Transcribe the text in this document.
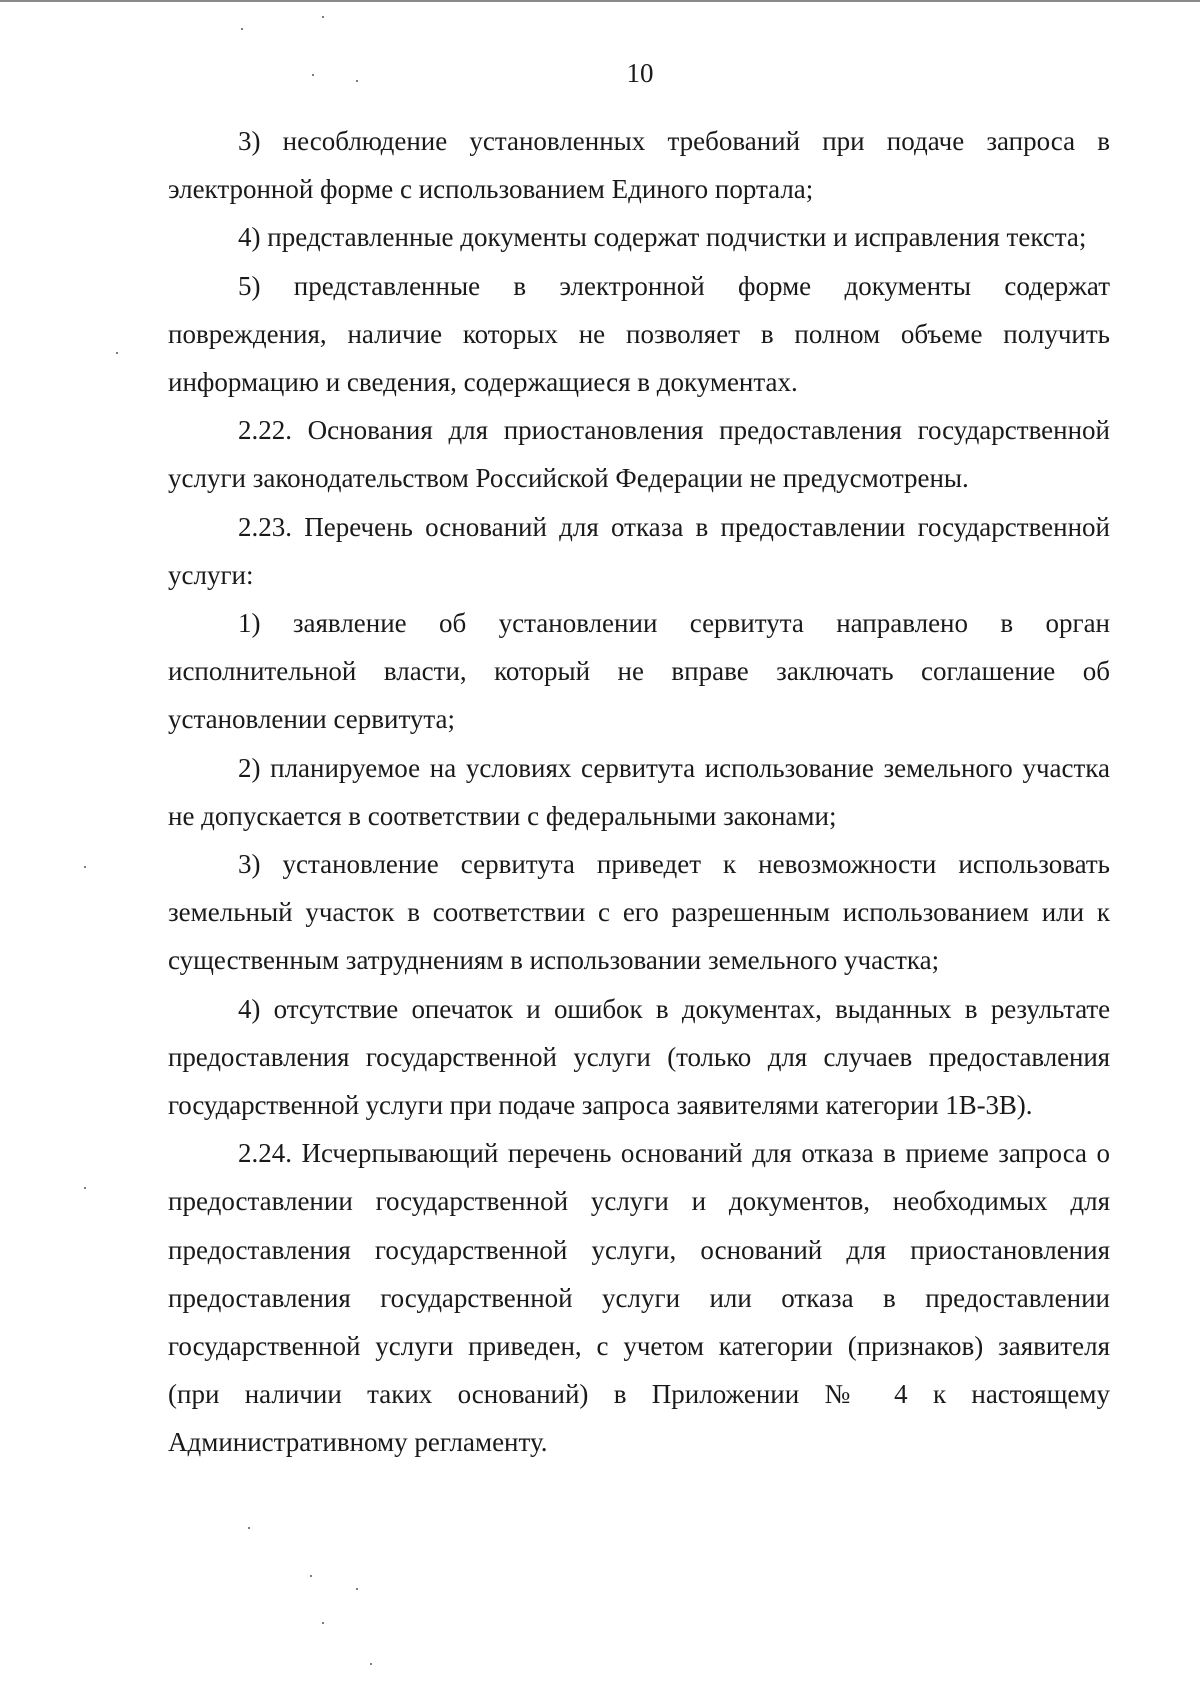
10

3) несоблюдение установленных требований при подаче запроса в электронной форме с использованием Единого портала;

4) представленные документы содержат подчистки и исправления текста;

5) представленные в электронной форме документы содержат повреждения, наличие которых не позволяет в полном объеме получить информацию и сведения, содержащиеся в документах.

2.22. Основания для приостановления предоставления государственной услуги законодательством Российской Федерации не предусмотрены.

2.23. Перечень оснований для отказа в предоставлении государственной услуги:

1) заявление об установлении сервитута направлено в орган исполнительной власти, который не вправе заключать соглашение об установлении сервитута;

2) планируемое на условиях сервитута использование земельного участка не допускается в соответствии с федеральными законами;

3) установление сервитута приведет к невозможности использовать земельный участок в соответствии с его разрешенным использованием или к существенным затруднениям в использовании земельного участка;

4) отсутствие опечаток и ошибок в документах, выданных в результате предоставления государственной услуги (только для случаев предоставления государственной услуги при подаче запроса заявителями категории 1В-3В).

2.24. Исчерпывающий перечень оснований для отказа в приеме запроса о предоставлении государственной услуги и документов, необходимых для предоставления государственной услуги, оснований для приостановления предоставления государственной услуги или отказа в предоставлении государственной услуги приведен, с учетом категории (признаков) заявителя (при наличии таких оснований) в Приложении № 4 к настоящему Административному регламенту.
